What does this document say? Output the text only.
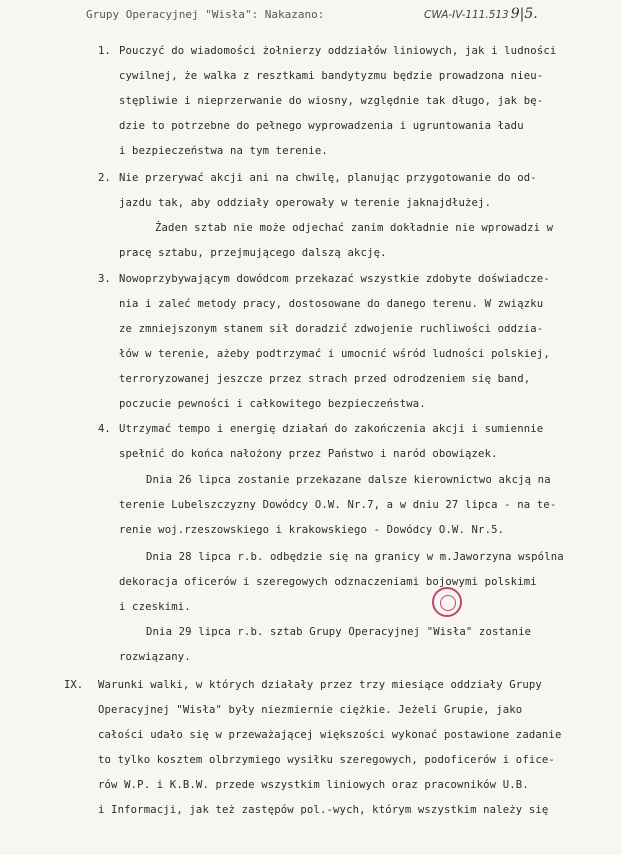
Grupy Operacyjnej "Wisła": Nakazano:	CWA-IV-111.513 9|5.
1. Pouczyć do wiadomości żołnierzy oddziałów liniowych, jak i ludności
cywilnej, że walka z resztkami bandytyzmu będzie prowadzona nieu-
stępliwie i nieprzerwanie do wiosny, względnie tak długo, jak bę-
dzie to potrzebne do pełnego wyprowadzenia i ugruntowania ładu
i bezpieczeństwa na tym terenie.
2. Nie przerywać akcji ani na chwilę, planując przygotowanie do od-
jazdu tak, aby oddziały operowały w terenie jaknajdłużej.
Żaden sztab nie może odjechać zanim dokładnie nie wprowadzi w
pracę sztabu, przejmującego dalszą akcję.
3. Nowoprzybywającym dowódcom przekazać wszystkie zdobyte doświadcze-
nia i zaleć metody pracy, dostosowane do danego terenu. W związku
ze zmniejszonym stanem sił doradzić zdwojenie ruchliwości oddzia-
łów w terenie, ażeby podtrzymać i umocnić wśród ludności polskiej,
terroryzowanej jeszcze przez strach przed odrodzeniem się band,
poczucie pewności i całkowitego bezpieczeństwa.
4. Utrzymać tempo i energię działań do zakończenia akcji i sumiennie
spełnić do końca nałożony przez Państwo i naród obowiązek.
Dnia 26 lipca zostanie przekazane dalsze kierownictwo akcją na
terenie Lubelszczyzny Dowódcy O.W. Nr.7, a w dniu 27 lipca - na te-
renie woj.rzeszowskiego i krakowskiego - Dowódcy O.W. Nr.5.
Dnia 28 lipca r.b. odbędzie się na granicy w m.Jaworzyna wspólna
dekoracja oficerów i szeregowych odznaczeniami bojowymi polskimi
i czeskimi.
Dnia 29 lipca r.b. sztab Grupy Operacyjnej "Wisła" zostanie
rozwiązany.
IX. Warunki walki, w których działały przez trzy miesiące oddziały Grupy
Operacyjnej "Wisła" były niezmiernie ciężkie. Jeżeli Grupie, jako
całości udało się w przeważającej większości wykonać postawione zadanie
to tylko kosztem olbrzymiego wysiłku szeregowych, podoficerów i ofice-
rów W.P. i K.B.W. przede wszystkim liniowych oraz pracowników U.B.
i Informacji, jak też zastępów pol.-wych, którym wszystkim należy się
